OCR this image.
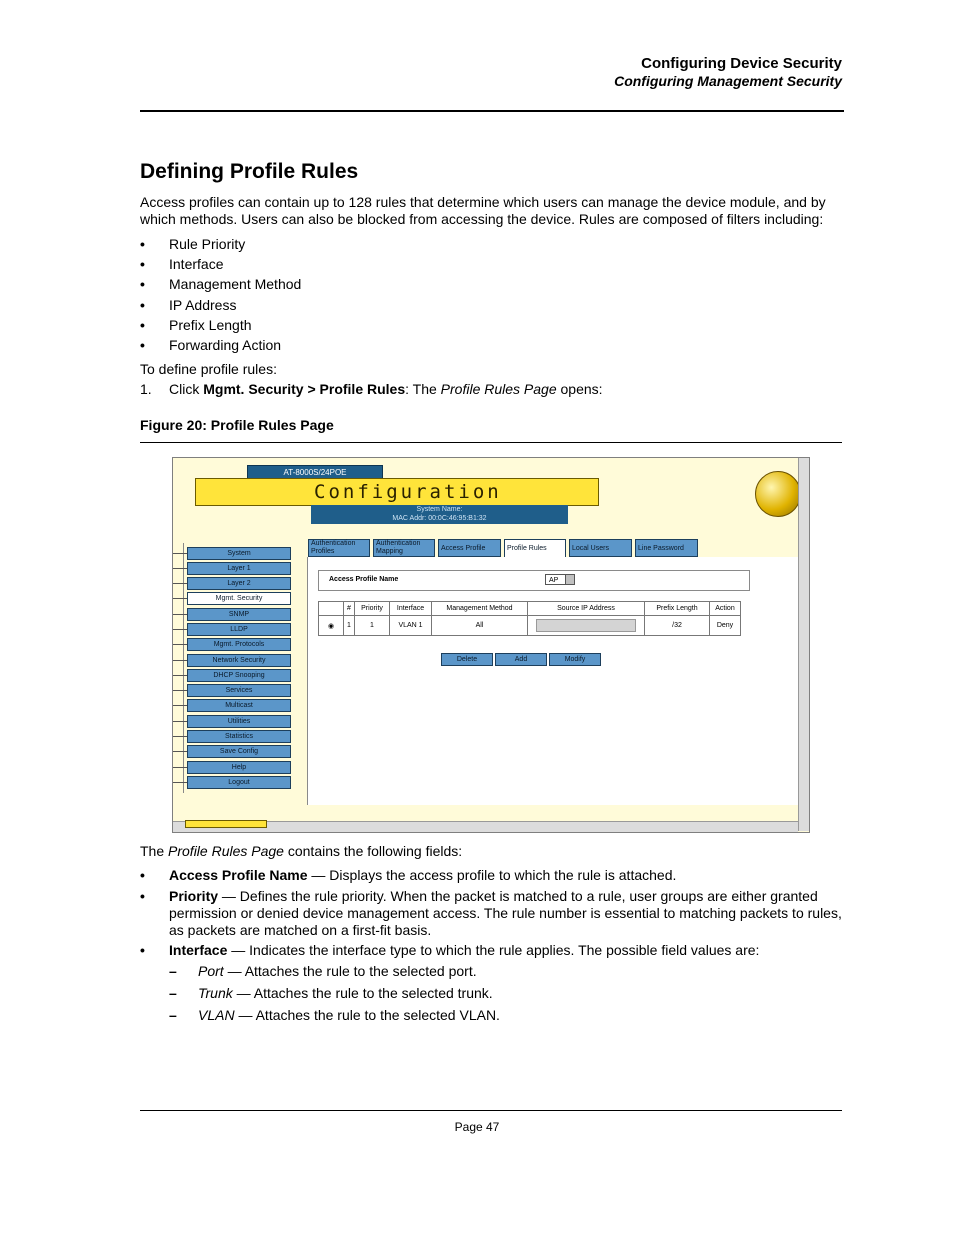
Configuring Device Security
Configuring Management Security
Defining Profile Rules
Access profiles can contain up to 128 rules that determine which users can manage the device module, and by which methods. Users can also be blocked from accessing the device. Rules are composed of filters including:
• Rule Priority
• Interface
• Management Method
• IP Address
• Prefix Length
• Forwarding Action
To define profile rules:
1. Click Mgmt. Security > Profile Rules: The Profile Rules Page opens:
Figure 20: Profile Rules Page
AT-8000S/24POE
Configuration
System Name:
MAC Addr: 00:0C:46:95:B1:32
System
Layer 1
Layer 2
Mgmt. Security
SNMP
LLDP
Mgmt. Protocols
Network Security
DHCP Snooping
Services
Multicast
Utilities
Statistics
Save Config
Help
Logout
Authentication Profiles
Authentication Mapping	Access Profile	Profile Rules	Local Users	Line Password
Access Profile Name	AP
	#	Priority	Interface	Management Method	Source IP Address	Prefix Length	Action
◉	1	1	VLAN 1	All		/32	Deny
Delete	Add	Modify
The Profile Rules Page contains the following fields:
• Access Profile Name — Displays the access profile to which the rule is attached.
• Priority — Defines the rule priority. When the packet is matched to a rule, user groups are either granted permission or denied device management access. The rule number is essential to matching packets to rules, as packets are matched on a first-fit basis.
• Interface — Indicates the interface type to which the rule applies. The possible field values are:
– Port — Attaches the rule to the selected port.
– Trunk — Attaches the rule to the selected trunk.
– VLAN — Attaches the rule to the selected VLAN.
Page 47
